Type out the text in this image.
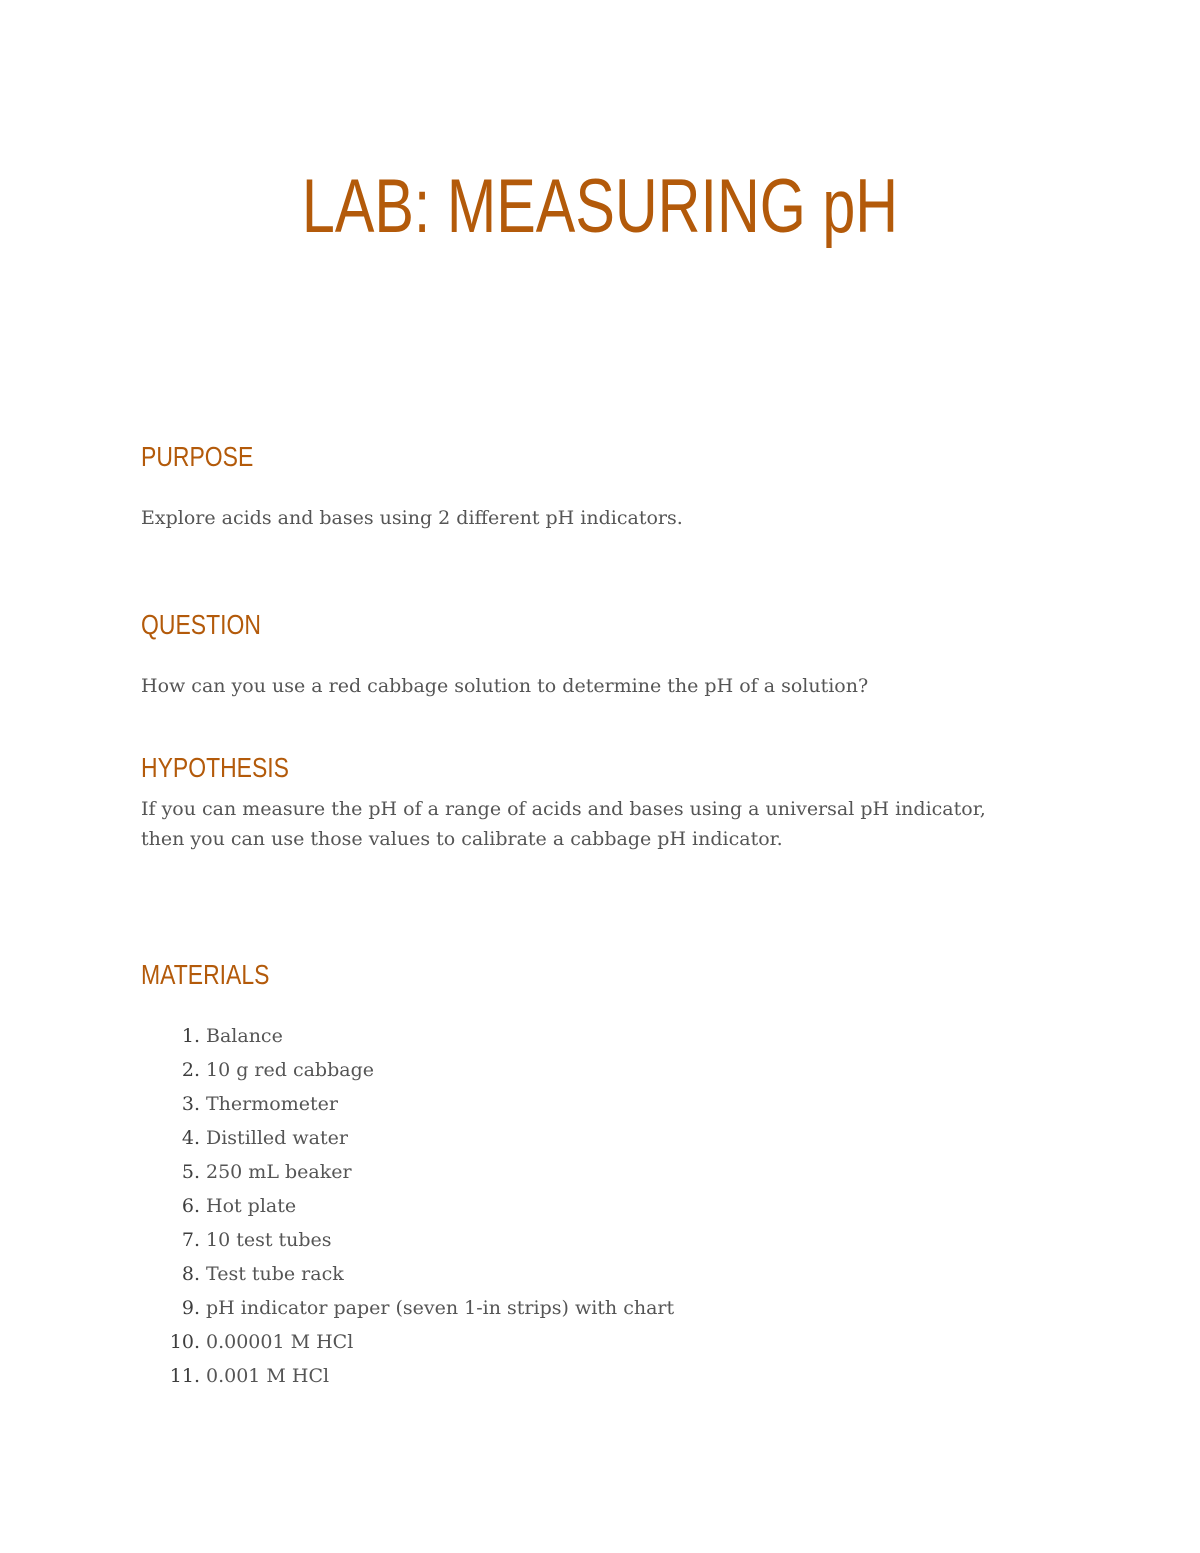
LAB: MEASURING pH
PURPOSE

Explore acids and bases using 2 different pH indicators.

QUESTION

How can you use a red cabbage solution to determine the pH of a solution?

HYPOTHESIS

If you can measure the pH of a range of acids and bases using a universal pH indicator,

then you can use those values to calibrate a cabbage pH indicator.

MATERIALS
1. Balance
2. 10 g red cabbage
3. Thermometer
4. Distilled water
5. 250 mL beaker
6. Hot plate
7. 10 test tubes
8. Test tube rack
9. pH indicator paper (seven 1-in strips) with chart
10. 0.00001 M HCl
11. 0.001 M HCl
